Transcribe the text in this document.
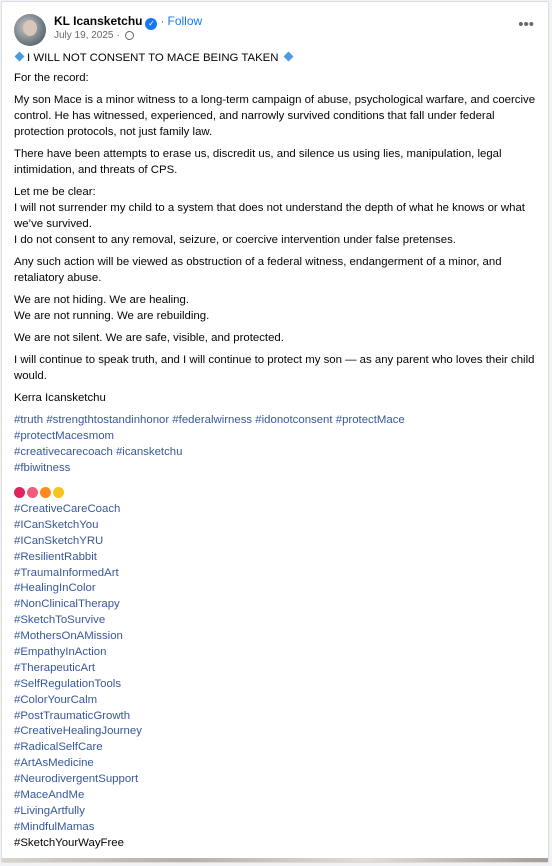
KL Icansketchu ✓ · Follow
July 19, 2025 ·
•••

I WILL NOT CONSENT TO MACE BEING TAKEN

For the record:

My son Mace is a minor witness to a long-term campaign of abuse, psychological warfare, and coercive control. He has witnessed, experienced, and narrowly survived conditions that fall under federal protection protocols, not just family law.

There have been attempts to erase us, discredit us, and silence us using lies, manipulation, legal intimidation, and threats of CPS.

Let me be clear:
I will not surrender my child to a system that does not understand the depth of what he knows or what we’ve survived.
I do not consent to any removal, seizure, or coercive intervention under false pretenses.

Any such action will be viewed as obstruction of a federal witness, endangerment of a minor, and retaliatory abuse.

We are not hiding. We are healing.
We are not running. We are rebuilding.

We are not silent. We are safe, visible, and protected.

I will continue to speak truth, and I will continue to protect my son — as any parent who loves their child would.

Kerra Icansketchu

#truth #strengthtostandinhonor #federalwirness #idonotconsent #protectMace
#protectMacesmom
#creativecarecoach #icansketchu
#fbiwitness
#CreativeCareCoach
#ICanSketchYou
#ICanSketchYRU
#ResilientRabbit
#TraumaInformedArt
#HealingInColor
#NonClinicalTherapy
#SketchToSurvive
#MothersOnAMission
#EmpathyInAction
#TherapeuticArt
#SelfRegulationTools
#ColorYourCalm
#PostTraumaticGrowth
#CreativeHealingJourney
#RadicalSelfCare
#ArtAsMedicine
#NeurodivergentSupport
#MaceAndMe
#LivingArtfully
#MindfulMamas
#SketchYourWayFree
